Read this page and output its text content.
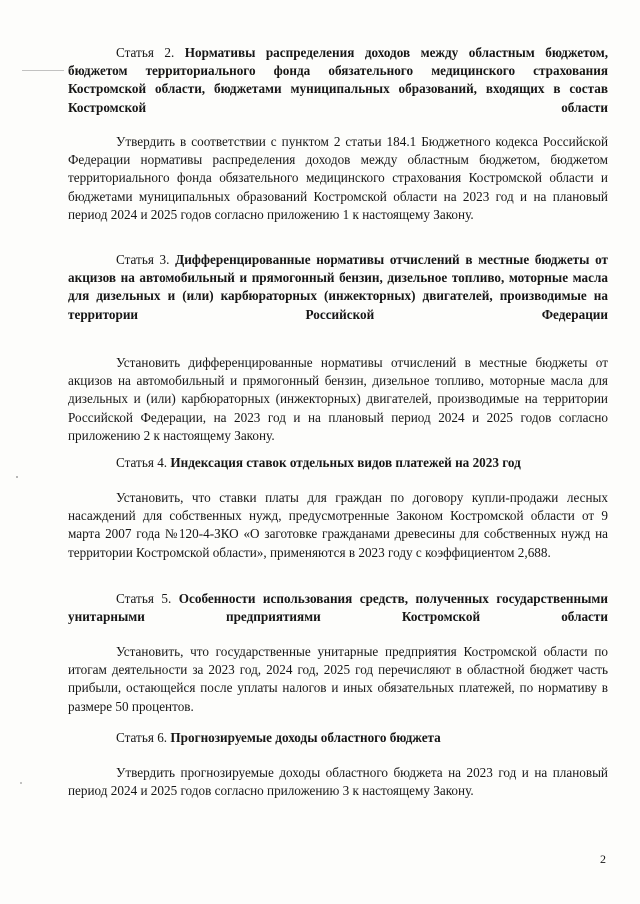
Статья 2. Нормативы распределения доходов между областным бюджетом, бюджетом территориального фонда обязательного медицинского страхования Костромской области, бюджетами муниципальных образований, входящих в состав Костромской области
Утвердить в соответствии с пунктом 2 статьи 184.1 Бюджетного кодекса Российской Федерации нормативы распределения доходов между областным бюджетом, бюджетом территориального фонда обязательного медицинского страхования Костромской области и бюджетами муниципальных образований Костромской области на 2023 год и на плановый период 2024 и 2025 годов согласно приложению 1 к настоящему Закону.
Статья 3. Дифференцированные нормативы отчислений в местные бюджеты от акцизов на автомобильный и прямогонный бензин, дизельное топливо, моторные масла для дизельных и (или) карбюраторных (инжекторных) двигателей, производимые на территории Российской Федерации
Установить дифференцированные нормативы отчислений в местные бюджеты от акцизов на автомобильный и прямогонный бензин, дизельное топливо, моторные масла для дизельных и (или) карбюраторных (инжекторных) двигателей, производимые на территории Российской Федерации, на 2023 год и на плановый период 2024 и 2025 годов согласно приложению 2 к настоящему Закону.
Статья 4. Индексация ставок отдельных видов платежей на 2023 год
Установить, что ставки платы для граждан по договору купли-продажи лесных насаждений для собственных нужд, предусмотренные Законом Костромской области от 9 марта 2007 года №120-4-ЗКО «О заготовке гражданами древесины для собственных нужд на территории Костромской области», применяются в 2023 году с коэффициентом 2,688.
Статья 5. Особенности использования средств, полученных государственными унитарными предприятиями Костромской области
Установить, что государственные унитарные предприятия Костромской области по итогам деятельности за 2023 год, 2024 год, 2025 год перечисляют в областной бюджет часть прибыли, остающейся после уплаты налогов и иных обязательных платежей, по нормативу в размере 50 процентов.
Статья 6. Прогнозируемые доходы областного бюджета
Утвердить прогнозируемые доходы областного бюджета на 2023 год и на плановый период 2024 и 2025 годов согласно приложению 3 к настоящему Закону.
2
